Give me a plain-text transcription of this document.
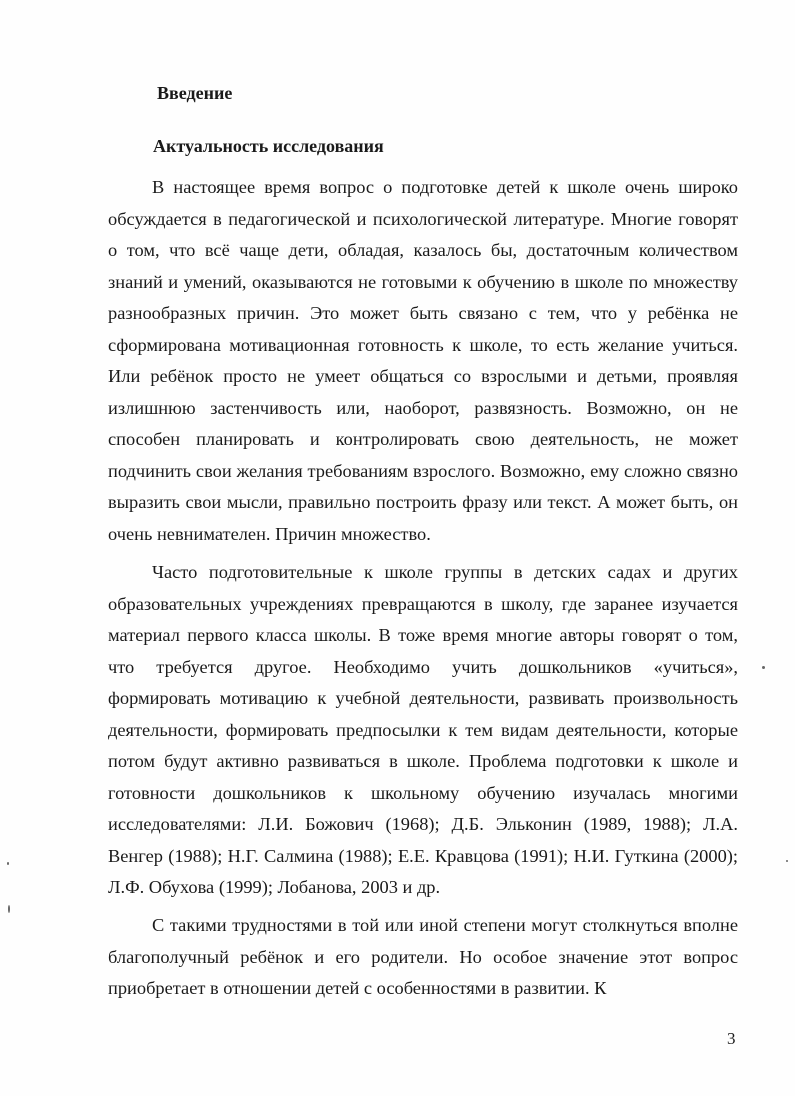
Введение
Актуальность исследования

В настоящее время вопрос о подготовке детей к школе очень широко обсуждается в педагогической и психологической литературе. Многие говорят о том, что всё чаще дети, обладая, казалось бы, достаточным количеством знаний и умений, оказываются не готовыми к обучению в школе по множеству разнообразных причин. Это может быть связано с тем, что у ребёнка не сформирована мотивационная готовность к школе, то есть желание учиться. Или ребёнок просто не умеет общаться со взрослыми и детьми, проявляя излишнюю застенчивость или, наоборот, развязность. Возможно, он не способен планировать и контролировать свою деятельность, не может подчинить свои желания требованиям взрослого. Возможно, ему сложно связно выразить свои мысли, правильно построить фразу или текст. А может быть, он очень невнимателен. Причин множество.

Часто подготовительные к школе группы в детских садах и других образовательных учреждениях превращаются в школу, где заранее изучается материал первого класса школы. В тоже время многие авторы говорят о том, что требуется другое. Необходимо учить дошкольников «учиться», формировать мотивацию к учебной деятельности, развивать произвольность деятельности, формировать предпосылки к тем видам деятельности, которые потом будут активно развиваться в школе. Проблема подготовки к школе и готовности дошкольников к школьному обучению изучалась многими исследователями: Л.И. Божович (1968); Д.Б. Эльконин (1989, 1988); Л.А. Венгер (1988); Н.Г. Салмина (1988); Е.Е. Кравцова (1991); Н.И. Гуткина (2000); Л.Ф. Обухова (1999); Лобанова, 2003 и др.

С такими трудностями в той или иной степени могут столкнуться вполне благополучный ребёнок и его родители. Но особое значение этот вопрос приобретает в отношении детей с особенностями в развитии. К

3
